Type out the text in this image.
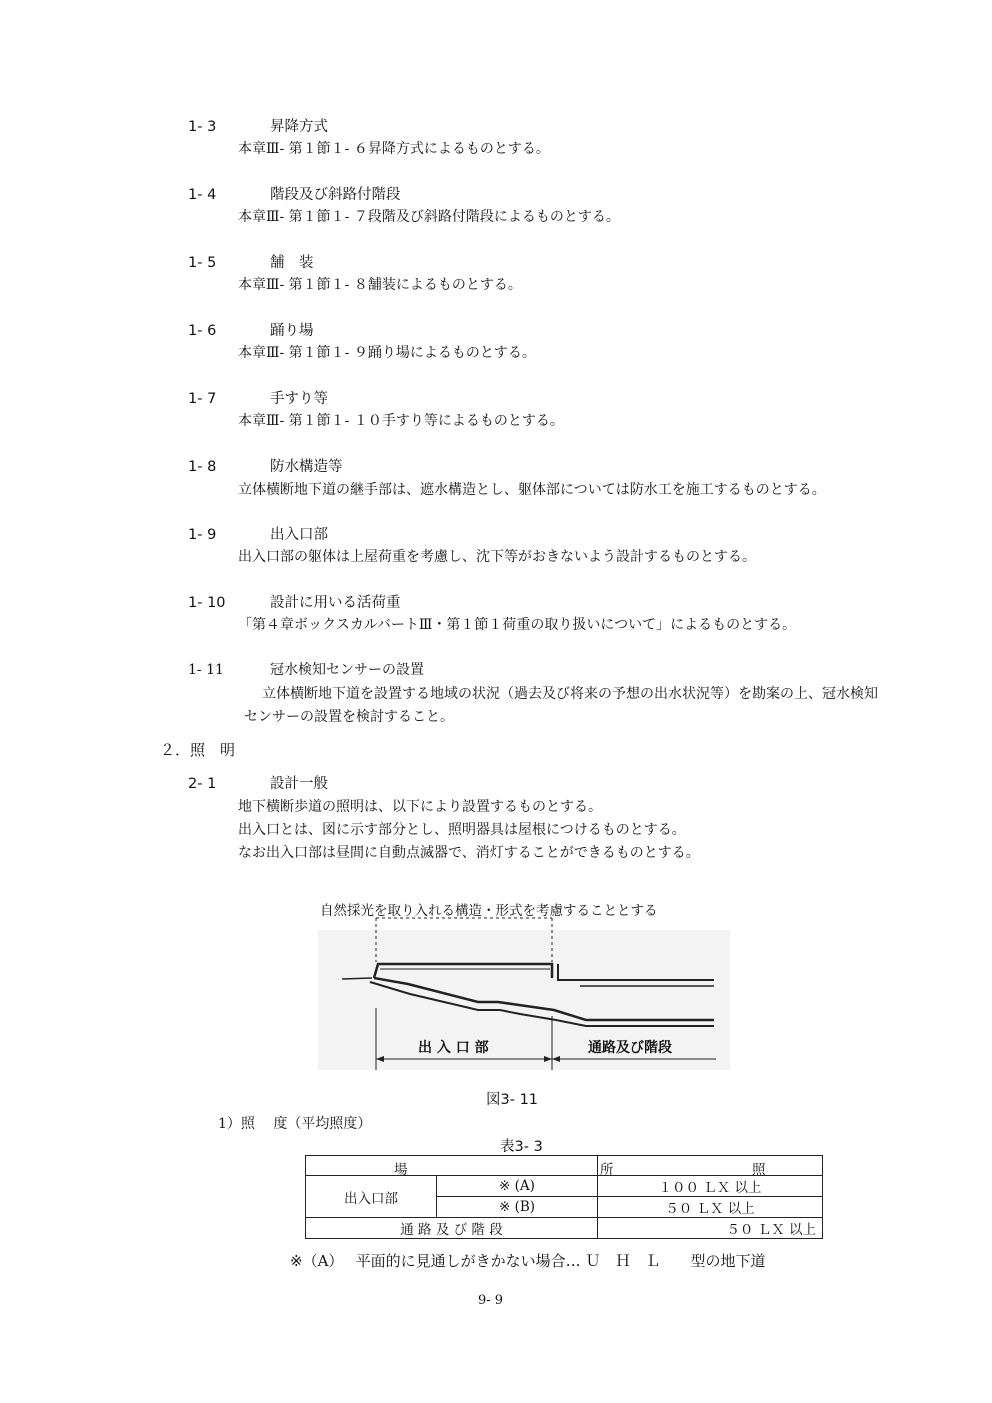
1- 3	昇降方式
本章Ⅲ- 第１節１- ６昇降方式によるものとする。
1- 4	階段及び斜路付階段
本章Ⅲ- 第１節１- ７段階及び斜路付階段によるものとする。
1- 5	舗　装
本章Ⅲ- 第１節１- ８舗装によるものとする。
1- 6	踊り場
本章Ⅲ- 第１節１- ９踊り場によるものとする。
1- 7	手すり等
本章Ⅲ- 第１節１- １０手すり等によるものとする。
1- 8	防水構造等
立体横断地下道の継手部は、遮水構造とし、躯体部については防水工を施工するものとする。
1- 9	出入口部
出入口部の躯体は上屋荷重を考慮し、沈下等がおきないよう設計するものとする。
1- 10	設計に用いる活荷重
「第４章ボックスカルバートⅢ・第１節１荷重の取り扱いについて」によるものとする。
1- 11	冠水検知センサーの設置
立体横断地下道を設置する地域の状況（過去及び将来の予想の出水状況等）を勘案の上、冠水検知
センサーの設置を検討すること。
２．照　明
2- 1	設計一般
地下横断歩道の照明は、以下により設置するものとする。
出入口とは、図に示す部分とし、照明器具は屋根につけるものとする。
なお出入口部は昼間に自動点滅器で、消灯することができるものとする。
自然採光を取り入れる構造・形式を考慮することとする
出 入 口 部	通路及び階段
図3- 11
1）照　 度（平均照度）
表3- 3
場		所 照

出入口部	※ (A)	１００ ＬＸ 以上
	※ (B)	５０ ＬＸ 以上
通 路 及 び 階 段		５０ ＬＸ 以上
※（A）　 平面的に見通しがきかない場合… Ｕ　Ｈ　Ｌ　　型の地下道
9- 9
